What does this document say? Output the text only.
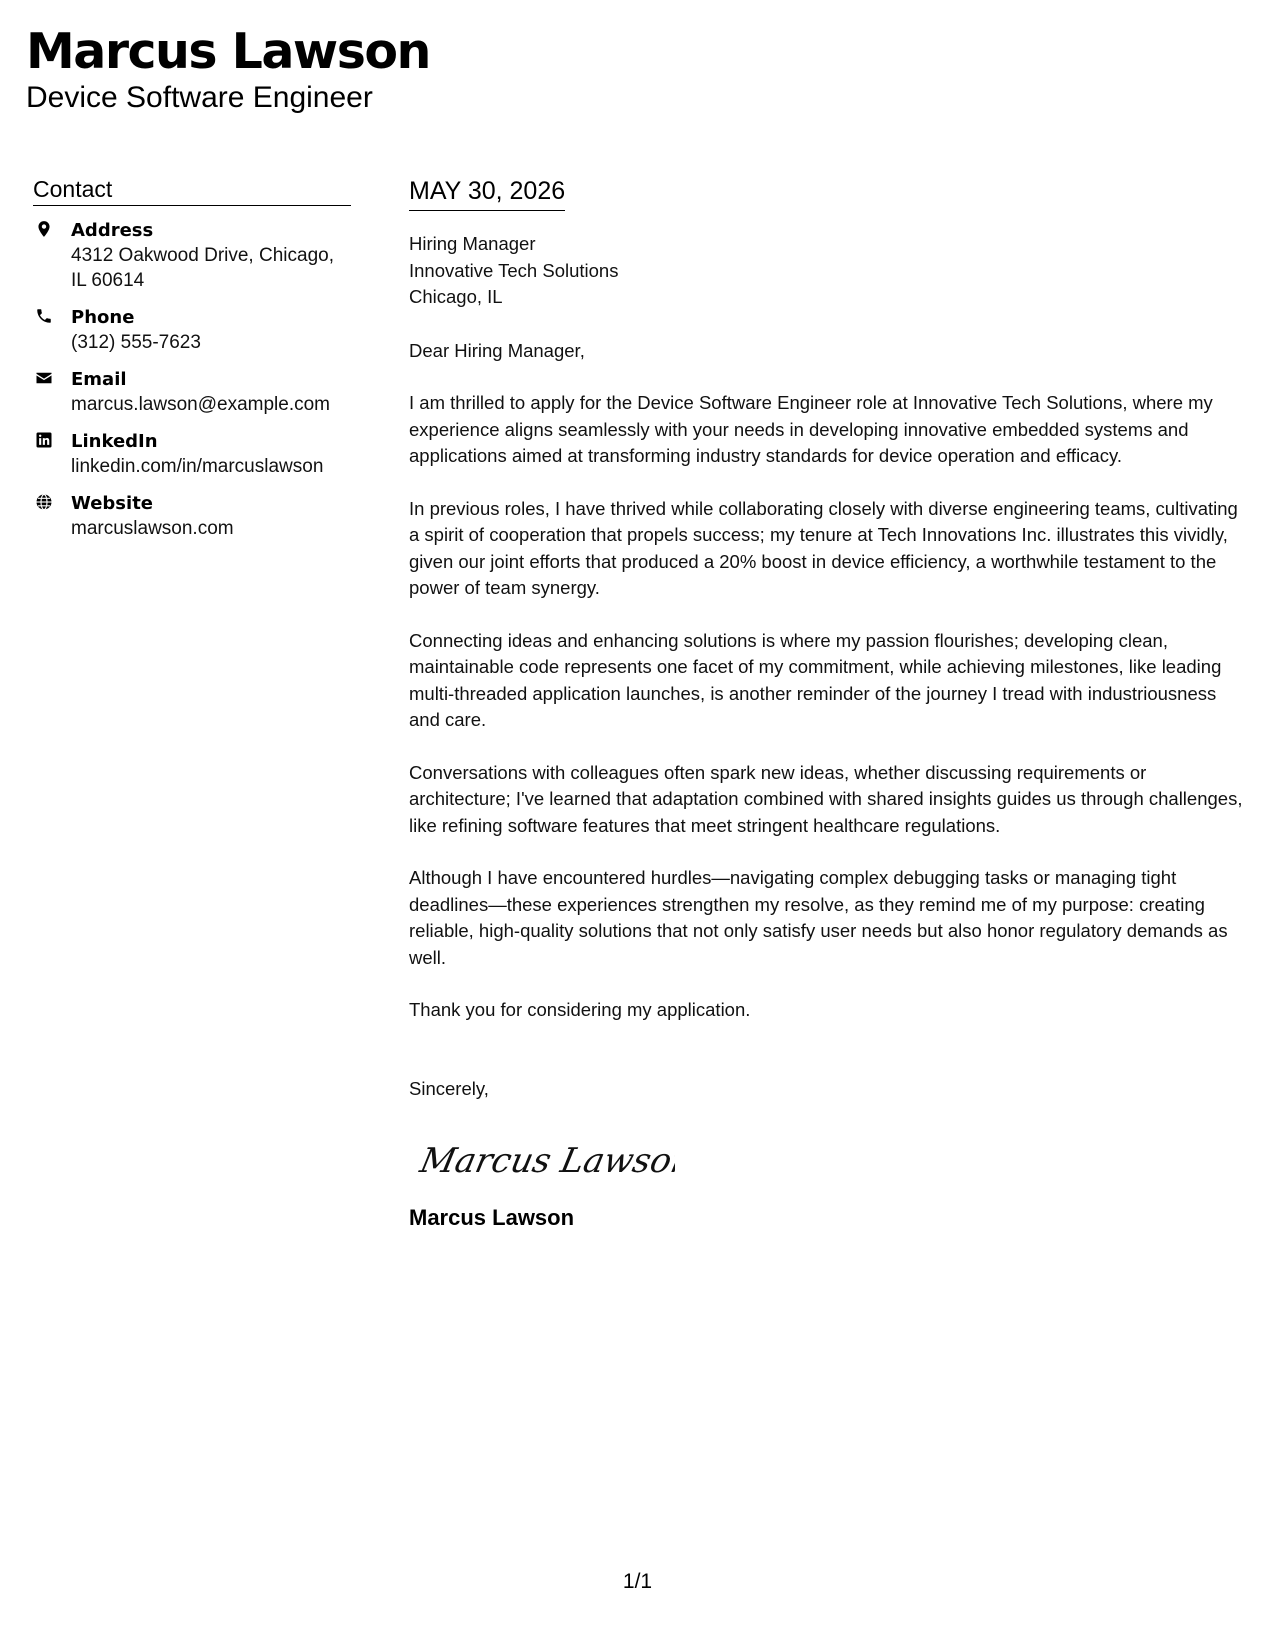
Marcus Lawson
Device Software Engineer
Contact
Address
4312 Oakwood Drive, Chicago, IL 60614
Phone
(312) 555-7623
Email
marcus.lawson@example.com
LinkedIn
linkedin.com/in/marcuslawson
Website
marcuslawson.com
MAY 30, 2026
Hiring Manager
Innovative Tech Solutions
Chicago, IL
Dear Hiring Manager,
I am thrilled to apply for the Device Software Engineer role at Innovative Tech Solutions, where my experience aligns seamlessly with your needs in developing innovative embedded systems and applications aimed at transforming industry standards for device operation and efficacy.
In previous roles, I have thrived while collaborating closely with diverse engineering teams, cultivating a spirit of cooperation that propels success; my tenure at Tech Innovations Inc. illustrates this vividly, given our joint efforts that produced a 20% boost in device efficiency, a worthwhile testament to the power of team synergy.
Connecting ideas and enhancing solutions is where my passion flourishes; developing clean, maintainable code represents one facet of my commitment, while achieving milestones, like leading multi-threaded application launches, is another reminder of the journey I tread with industriousness and care.
Conversations with colleagues often spark new ideas, whether discussing requirements or architecture; I've learned that adaptation combined with shared insights guides us through challenges, like refining software features that meet stringent healthcare regulations.
Although I have encountered hurdles—navigating complex debugging tasks or managing tight deadlines—these experiences strengthen my resolve, as they remind me of my purpose: creating reliable, high-quality solutions that not only satisfy user needs but also honor regulatory demands as well.
Thank you for considering my application.
Sincerely,
Marcus Lawson
Marcus Lawson
1/1
